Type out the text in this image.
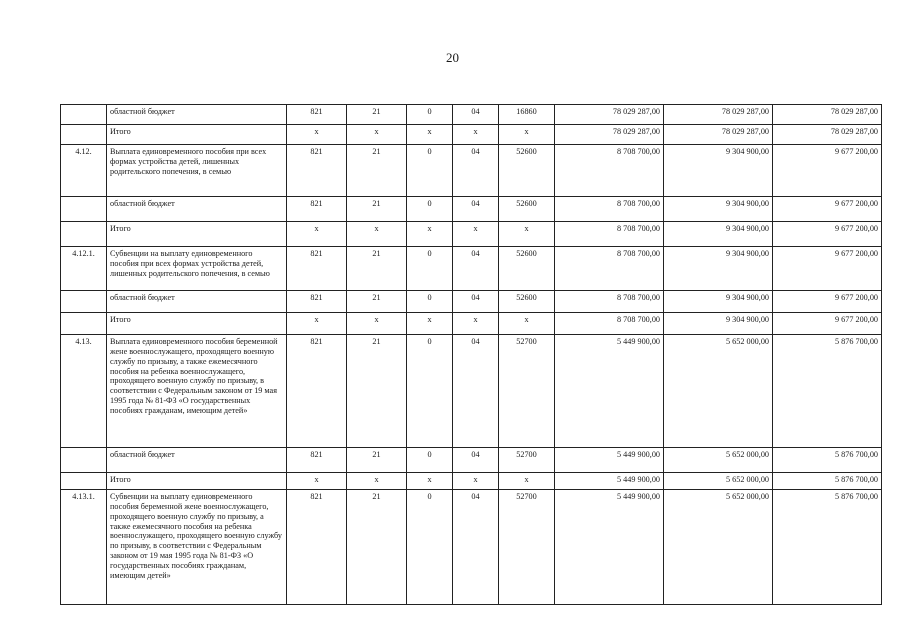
20
	областной бюджет	821	21	0	04	16860	78 029 287,00	78 029 287,00	78 029 287,00
	Итого	x	x	x	x	x	78 029 287,00	78 029 287,00	78 029 287,00
4.12.	Выплата единовременного пособия при всех формах устройства детей, лишенных родительского попечения, в семью	821	21	0	04	52600	8 708 700,00	9 304 900,00	9 677 200,00
	областной бюджет	821	21	0	04	52600	8 708 700,00	9 304 900,00	9 677 200,00
	Итого	x	x	x	x	x	8 708 700,00	9 304 900,00	9 677 200,00
4.12.1.	Субвенции на выплату единовременного пособия при всех формах устройства детей, лишенных родительского попечения, в семью	821	21	0	04	52600	8 708 700,00	9 304 900,00	9 677 200,00
	областной бюджет	821	21	0	04	52600	8 708 700,00	9 304 900,00	9 677 200,00
	Итого	x	x	x	x	x	8 708 700,00	9 304 900,00	9 677 200,00
4.13.	Выплата единовременного пособия беременной жене военнослужащего, проходящего военную службу по призыву, а также ежемесячного пособия на ребенка военнослужащего, проходящего военную службу по призыву, в соответствии с Федеральным законом от 19 мая 1995 года № 81-ФЗ «О государственных пособиях гражданам, имеющим детей»	821	21	0	04	52700	5 449 900,00	5 652 000,00	5 876 700,00
	областной бюджет	821	21	0	04	52700	5 449 900,00	5 652 000,00	5 876 700,00
	Итого	x	x	x	x	x	5 449 900,00	5 652 000,00	5 876 700,00
4.13.1.	Субвенции на выплату единовременного пособия беременной жене военнослужащего, проходящего военную службу по призыву, а также ежемесячного пособия на ребенка военнослужащего, проходящего военную службу по призыву, в соответствии с Федеральным законом от 19 мая 1995 года № 81-ФЗ «О государственных пособиях гражданам, имеющим детей»	821	21	0	04	52700	5 449 900,00	5 652 000,00	5 876 700,00
